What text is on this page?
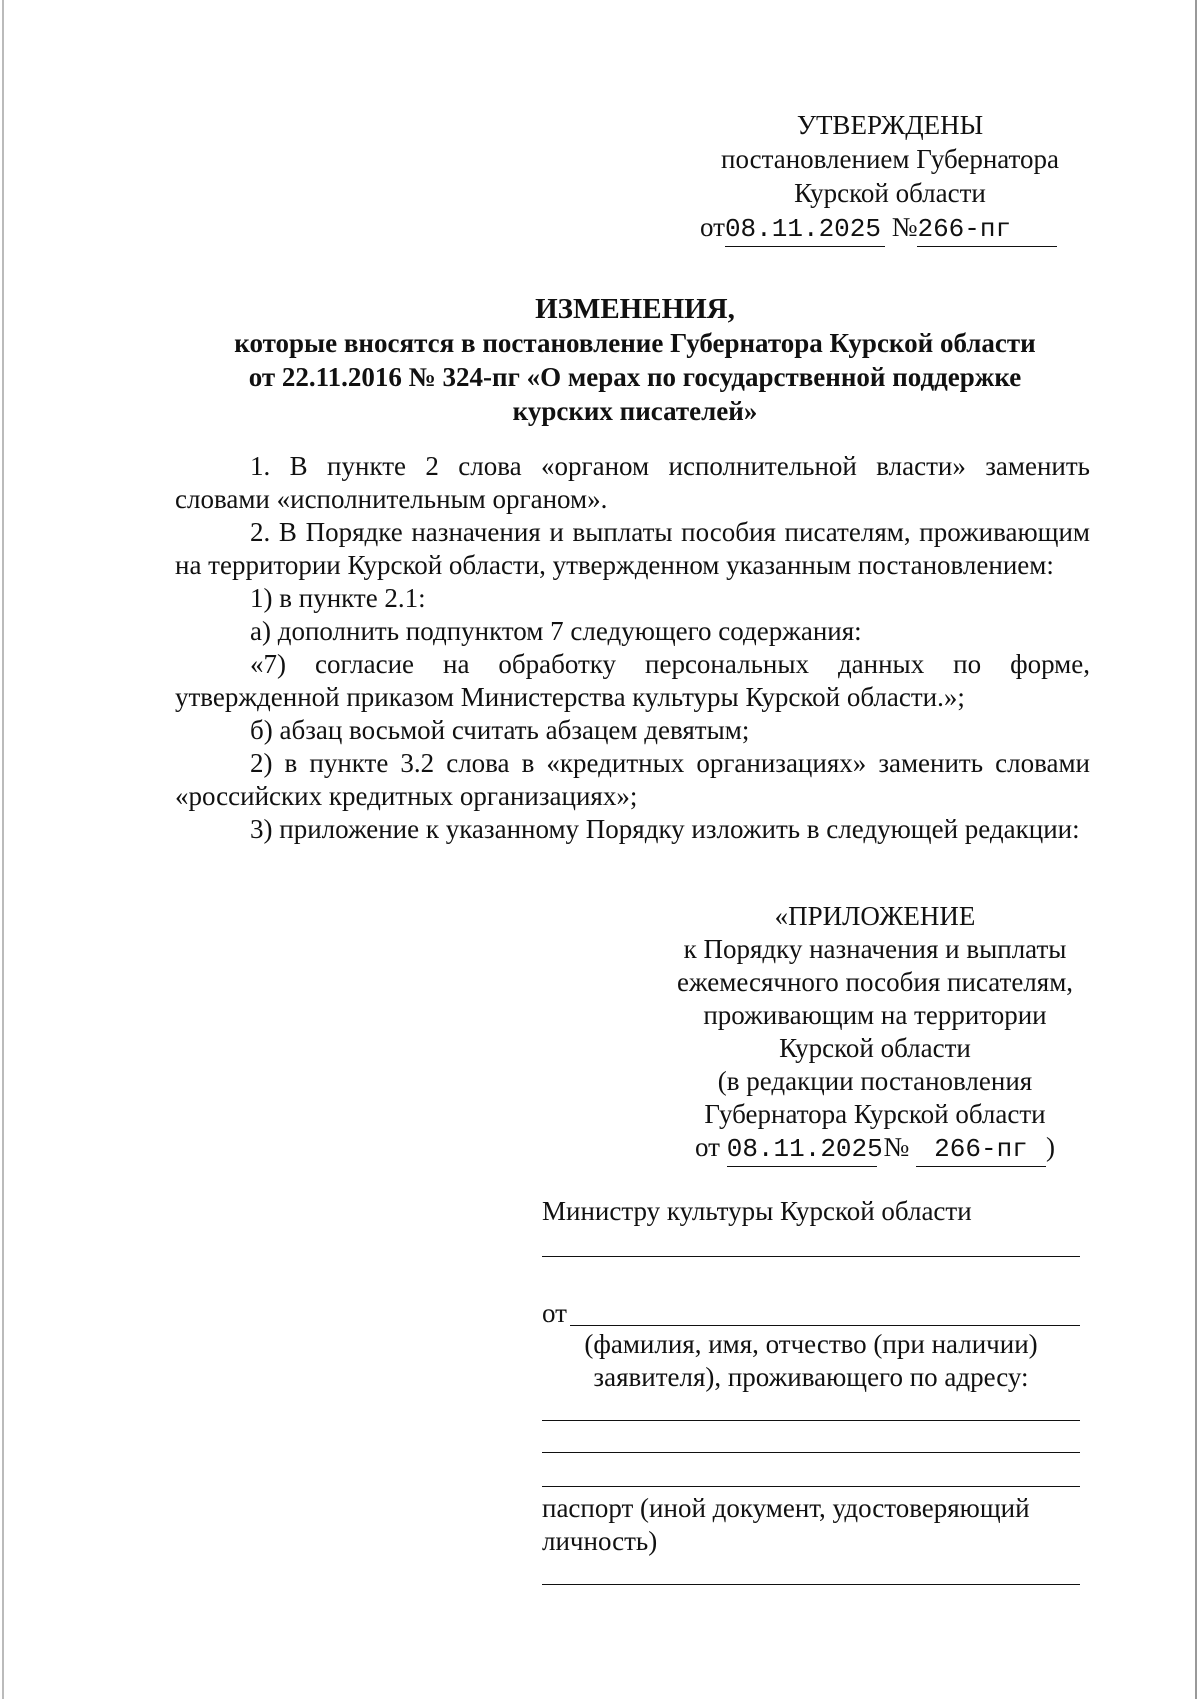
УТВЕРЖДЕНЫ
постановлением Губернатора
Курской области
от08.11.2025 №266-пг
ИЗМЕНЕНИЯ,
которые вносятся в постановление Губернатора Курской области
от 22.11.2016 № 324-пг «О мерах по государственной поддержке
курских писателей»

1. В пункте 2 слова «органом исполнительной власти» заменить словами «исполнительным органом».

2. В Порядке назначения и выплаты пособия писателям, проживающим на территории Курской области, утвержденном указанным постановлением:

1) в пункте 2.1:

а) дополнить подпунктом 7 следующего содержания:

«7) согласие на обработку персональных данных по форме, утвержденной приказом Министерства культуры Курской области.»;

б) абзац восьмой считать абзацем девятым;

2) в пункте 3.2 слова в «кредитных организациях» заменить словами «российских кредитных организациях»;

3) приложение к указанному Порядку изложить в следующей редакции:

«ПРИЛОЖЕНИЕ
к Порядку назначения и выплаты
ежемесячного пособия писателям,
проживающим на территории
Курской области
(в редакции постановления
Губернатора Курской области
от 08.11.2025 № 266-пг )
Министру культуры Курской области
от
(фамилия, имя, отчество (при наличии)
заявителя), проживающего по адресу:
паспорт (иной документ, удостоверяющий
личность)
